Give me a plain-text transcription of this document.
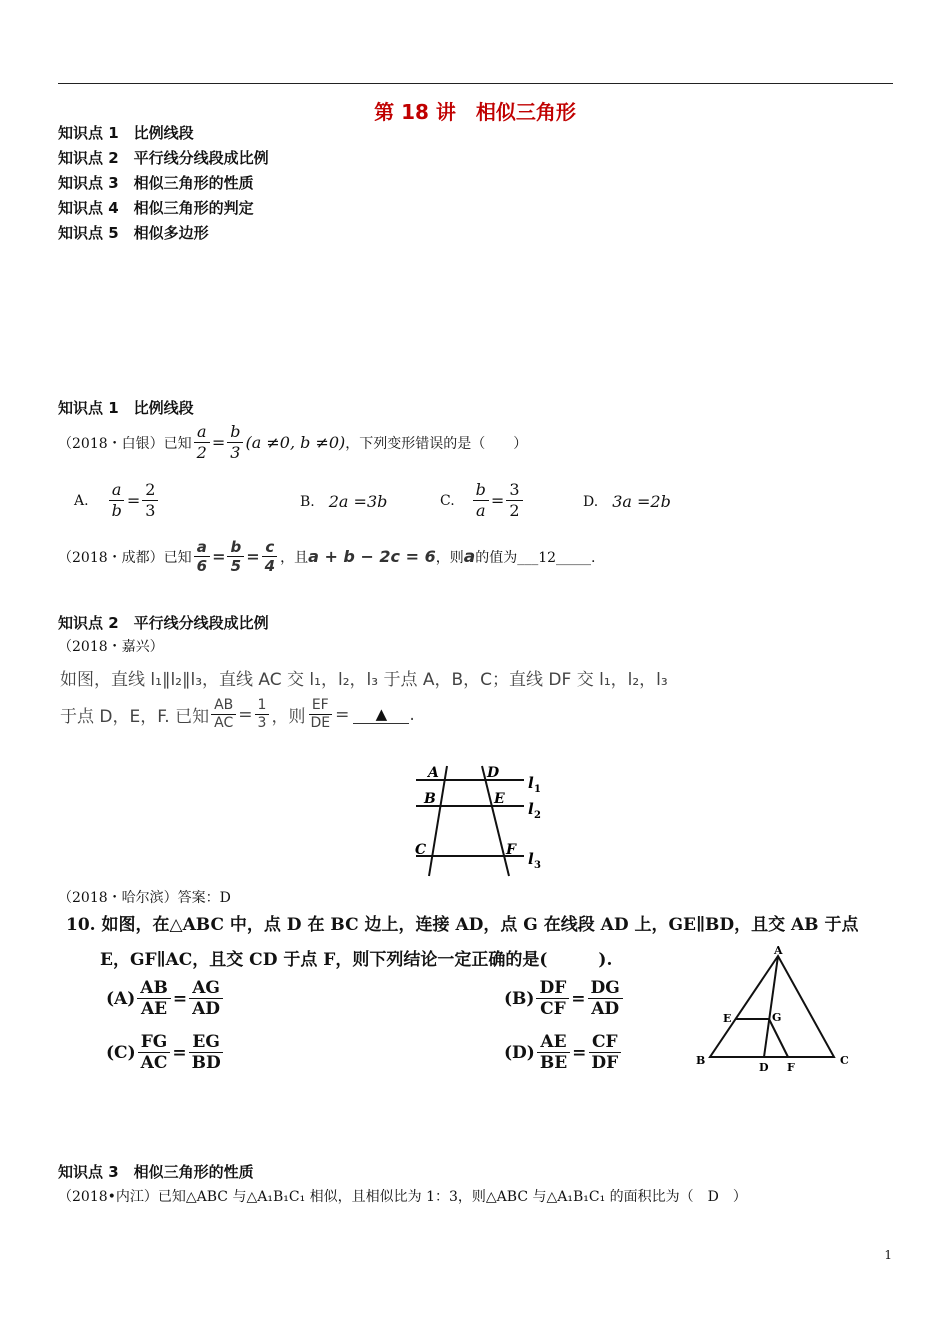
第 18 讲　相似三角形
知识点 1　比例线段
知识点 2　平行线分线段成比例
知识点 3　相似三角形的性质
知识点 4　相似三角形的判定
知识点 5　相似多边形
知识点 1　比例线段
（2018・白银）已知 $\frac{a}{2} = \frac{b}{3} (a \ne 0$, b ≠0) ，下列变形错误的是（　　）
A. $\frac{a}{b} = \frac{2}{3}$	B. 2a =3b	C. $\frac{b}{a} = \frac{3}{2}$	D. 3a =2b
（2018・成都）已知 $\frac{a}{6} = \frac{b}{5} = \frac{c}{4}$ ，且 a + b − 2c = 6 ，则 a 的值为___12_____.
知识点 2　平行线分线段成比例
（2018・嘉兴）
如图，直线 l₁∥l₂∥l₃，直线 AC 交 l₁，l₂，l₃ 于点 A，B，C；直线 DF 交 l₁，l₂，l₃
于点 D，E，F. 已知 $\frac{AB}{AC} = \frac{1}{3}$ ，则 $\frac{EF}{DE}$ =	▲	.
A
B
C
D
E
F
l 1
l 2
l 3
（2018・哈尔滨）答案：D
10. 如图，在△ABC 中，点 D 在 BC 边上，连接 AD，点 G 在线段 AD 上，GE∥BD，且交 AB 于点
E，GF∥AC，且交 CD 于点 F，则下列结论一定正确的是(　　　).
$(A) \frac{AB}{AE} = \frac{AG}{AD}$	$(B) \frac{DF}{CF} = \frac{DG}{AD}$
$(C) \frac{FG}{AC} = \frac{EG}{BD}$	$(D) \frac{AE}{BE} = \frac{CF}{DF}$
A
B	C
D
E
F
G
知识点 3　相似三角形的性质
（2018•内江）已知△ABC 与△A₁B₁C₁ 相似，且相似比为 1：3，则△ABC 与△A₁B₁C₁ 的面积比为（　D　）
1
